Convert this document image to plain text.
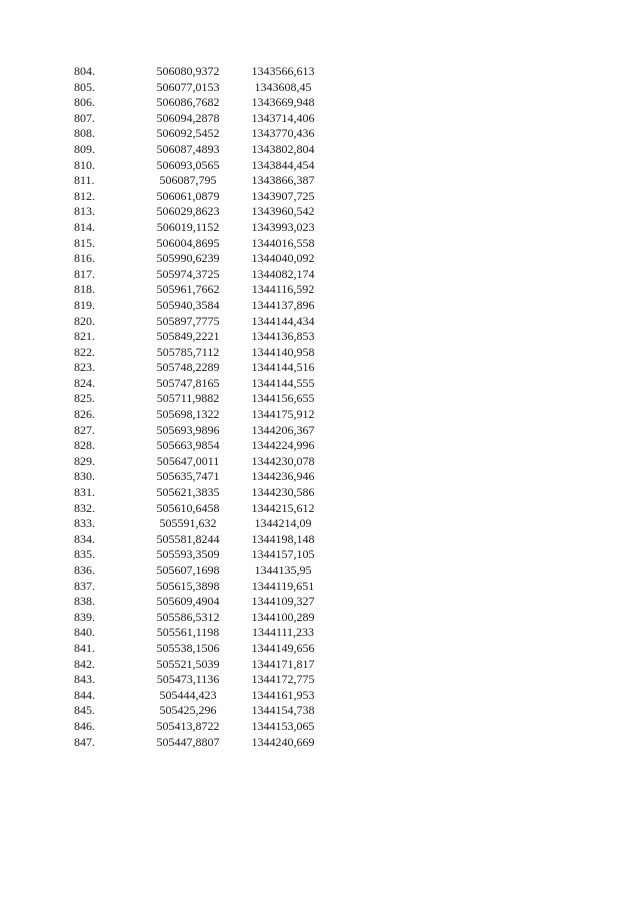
804.	506080,9372	1343566,613
805.	506077,0153	1343608,45
806.	506086,7682	1343669,948
807.	506094,2878	1343714,406
808.	506092,5452	1343770,436
809.	506087,4893	1343802,804
810.	506093,0565	1343844,454
811.	506087,795	1343866,387
812.	506061,0879	1343907,725
813.	506029,8623	1343960,542
814.	506019,1152	1343993,023
815.	506004,8695	1344016,558
816.	505990,6239	1344040,092
817.	505974,3725	1344082,174
818.	505961,7662	1344116,592
819.	505940,3584	1344137,896
820.	505897,7775	1344144,434
821.	505849,2221	1344136,853
822.	505785,7112	1344140,958
823.	505748,2289	1344144,516
824.	505747,8165	1344144,555
825.	505711,9882	1344156,655
826.	505698,1322	1344175,912
827.	505693,9896	1344206,367
828.	505663,9854	1344224,996
829.	505647,0011	1344230,078
830.	505635,7471	1344236,946
831.	505621,3835	1344230,586
832.	505610,6458	1344215,612
833.	505591,632	1344214,09
834.	505581,8244	1344198,148
835.	505593,3509	1344157,105
836.	505607,1698	1344135,95
837.	505615,3898	1344119,651
838.	505609,4904	1344109,327
839.	505586,5312	1344100,289
840.	505561,1198	1344111,233
841.	505538,1506	1344149,656
842.	505521,5039	1344171,817
843.	505473,1136	1344172,775
844.	505444,423	1344161,953
845.	505425,296	1344154,738
846.	505413,8722	1344153,065
847.	505447,8807	1344240,669
